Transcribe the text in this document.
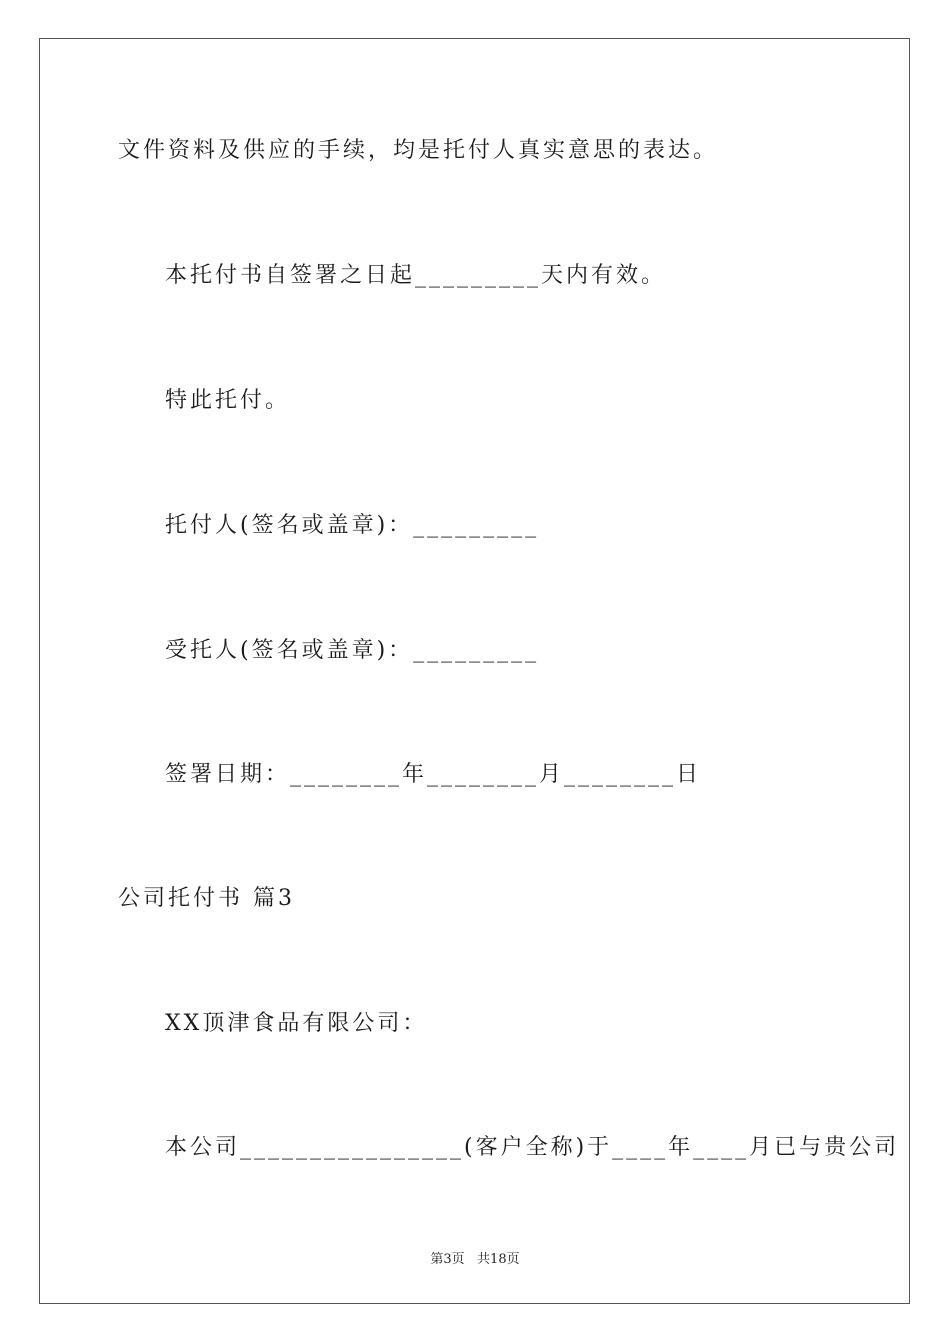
文件资料及供应的手续，均是托付人真实意思的表达。
本托付书自签署之日起_________天内有效。
特此托付。
托付人(签名或盖章)：_________
受托人(签名或盖章)：_________
签署日期：________年________月________日
公司托付书 篇3
XX顶津食品有限公司：
本公司________________(客户全称)于____年____月已与贵公司
第3页   共18页
